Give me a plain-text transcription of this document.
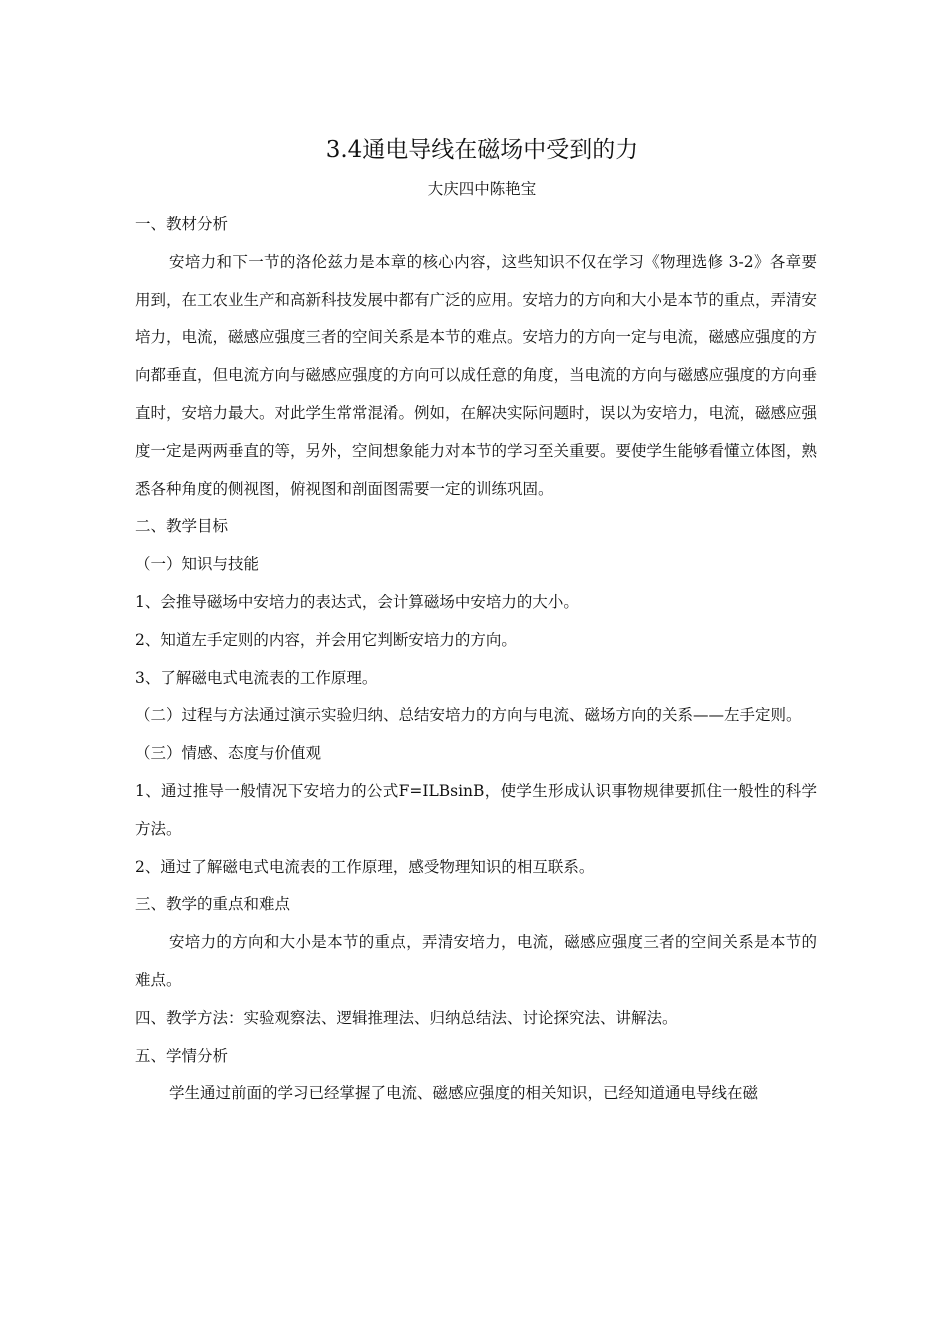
3.4通电导线在磁场中受到的力

大庆四中陈艳宝

一、教材分析

安培力和下一节的洛伦兹力是本章的核心内容，这些知识不仅在学习《物理选修 3-2》各章要用到，在工农业生产和高新科技发展中都有广泛的应用。安培力的方向和大小是本节的重点，弄清安培力，电流，磁感应强度三者的空间关系是本节的难点。安培力的方向一定与电流，磁感应强度的方向都垂直，但电流方向与磁感应强度的方向可以成任意的角度，当电流的方向与磁感应强度的方向垂直时，安培力最大。对此学生常常混淆。例如，在解决实际问题时，误以为安培力，电流，磁感应强度一定是两两垂直的等，另外，空间想象能力对本节的学习至关重要。要使学生能够看懂立体图，熟悉各种角度的侧视图，俯视图和剖面图需要一定的训练巩固。

二、教学目标

（一）知识与技能

1、会推导磁场中安培力的表达式，会计算磁场中安培力的大小。

2、知道左手定则的内容，并会用它判断安培力的方向。

3、了解磁电式电流表的工作原理。

（二）过程与方法通过演示实验归纳、总结安培力的方向与电流、磁场方向的关系——左手定则。

（三）情感、态度与价值观

1、通过推导一般情况下安培力的公式F=ILBsinB，使学生形成认识事物规律要抓住一般性的科学方法。

2、通过了解磁电式电流表的工作原理，感受物理知识的相互联系。

三、教学的重点和难点

安培力的方向和大小是本节的重点，弄清安培力，电流，磁感应强度三者的空间关系是本节的难点。

四、教学方法：实验观察法、逻辑推理法、归纳总结法、讨论探究法、讲解法。

五、学情分析

学生通过前面的学习已经掌握了电流、磁感应强度的相关知识，已经知道通电导线在磁
